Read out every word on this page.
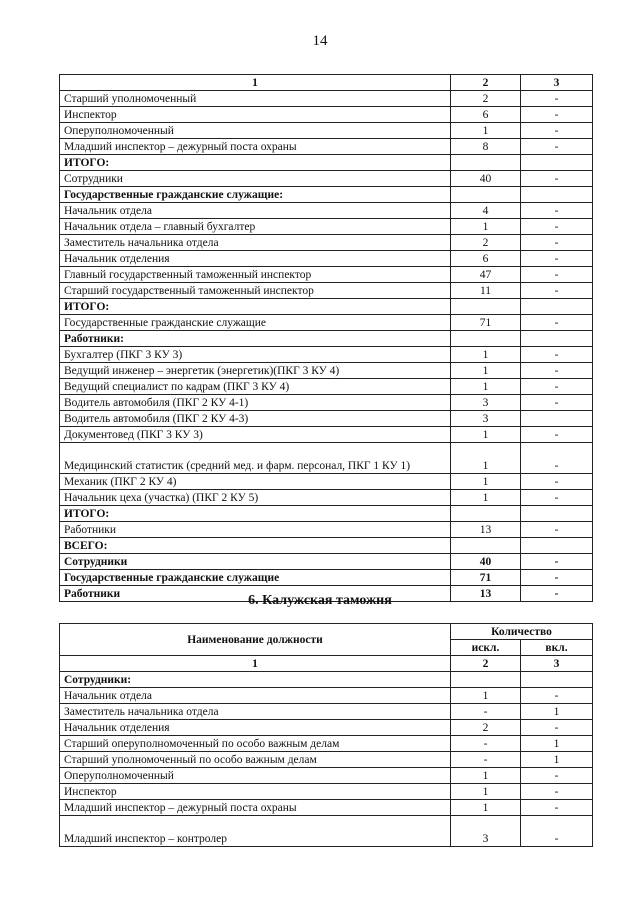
14
1	2	3
Старший уполномоченный	2	-
Инспектор	6	-
Оперуполномоченный	1	-
Младший инспектор – дежурный поста охраны	8	-
ИТОГО:		
Сотрудники	40	-
Государственные гражданские служащие:		
Начальник отдела	4	-
Начальник отдела – главный бухгалтер	1	-
Заместитель начальника отдела	2	-
Начальник отделения	6	-
Главный государственный таможенный инспектор	47	-
Старший государственный таможенный инспектор	11	-
ИТОГО:		
Государственные гражданские служащие	71	-
Работники:		
Бухгалтер (ПКГ 3 КУ 3)	1	-
Ведущий инженер – энергетик (энергетик)(ПКГ 3 КУ 4)	1	-
Ведущий специалист по кадрам (ПКГ 3 КУ 4)	1	-
Водитель автомобиля (ПКГ 2 КУ 4-1)	3	-
Водитель автомобиля (ПКГ 2 КУ 4-3)	3	
Документовед (ПКГ 3 КУ 3)	1	-
Медицинский статистик (средний мед. и фарм. персонал, ПКГ 1 КУ 1)	1	-
Механик (ПКГ 2 КУ 4)	1	-
Начальник цеха (участка) (ПКГ 2 КУ 5)	1	-
ИТОГО:		
Работники	13	-
ВСЕГО:		
Сотрудники	40	-
Государственные гражданские служащие	71	-
Работники	13	-
6. Калужская таможня
Наименование должности	Количество	
	искл.	вкл.
1	2	3
Сотрудники:		
Начальник отдела	1	-
Заместитель начальника отдела	-	1
Начальник отделения	2	-
Старший оперуполномоченный по особо важным делам	-	1
Старший уполномоченный по особо важным делам	-	1
Оперуполномоченный	1	-
Инспектор	1	-
Младший инспектор – дежурный поста охраны	1	-
Младший инспектор – контролер	3	-
